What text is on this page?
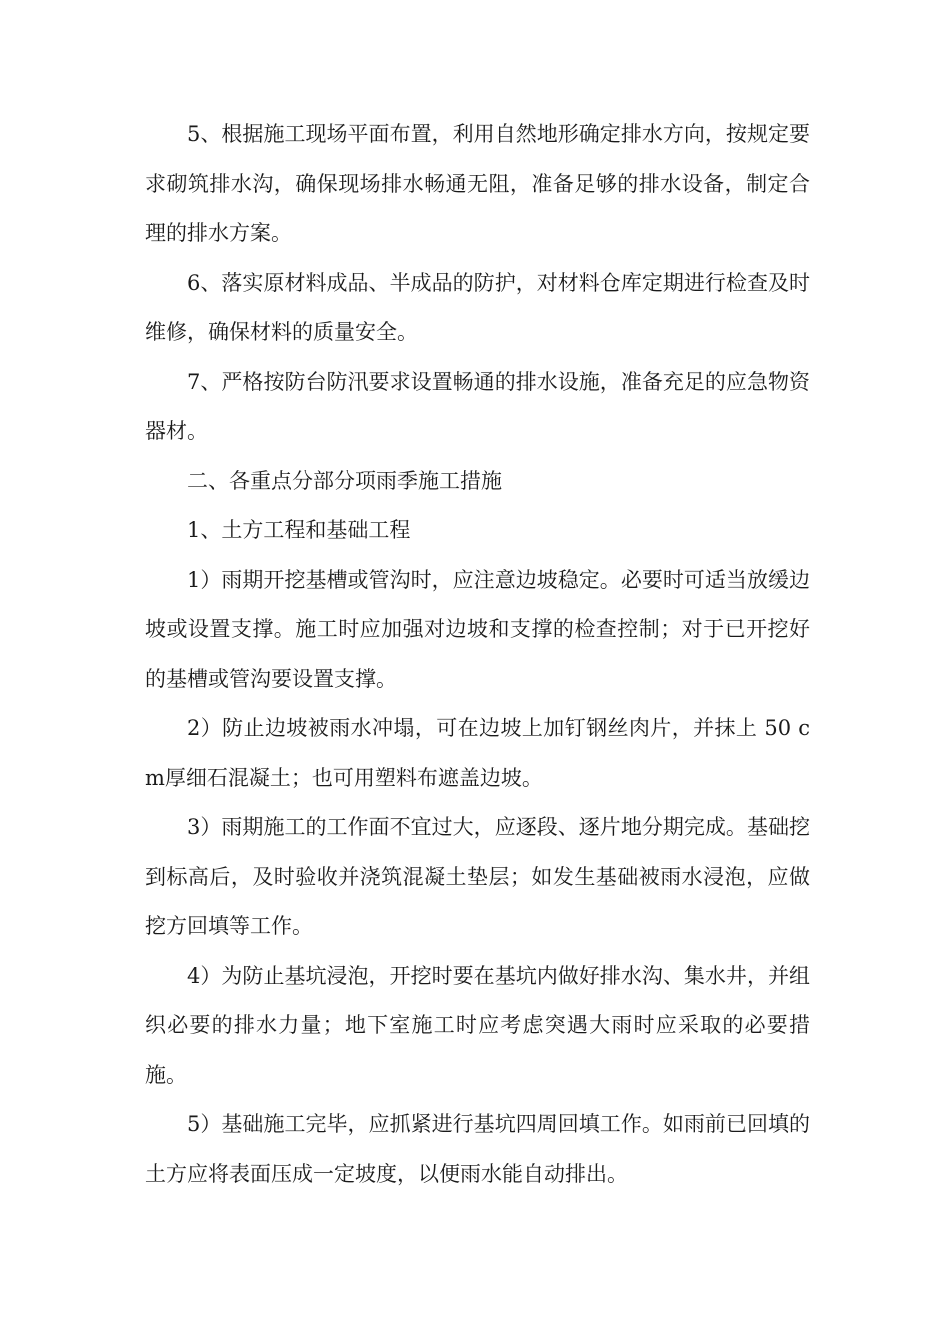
5、根据施工现场平面布置，利用自然地形确定排水方向，按规定要求砌筑排水沟，确保现场排水畅通无阻，准备足够的排水设备，制定合理的排水方案。

6、落实原材料成品、半成品的防护，对材料仓库定期进行检查及时维修，确保材料的质量安全。

7、严格按防台防汛要求设置畅通的排水设施，准备充足的应急物资器材。

二、各重点分部分项雨季施工措施

1、土方工程和基础工程

1）雨期开挖基槽或管沟时，应注意边坡稳定。必要时可适当放缓边坡或设置支撑。施工时应加强对边坡和支撑的检查控制；对于已开挖好的基槽或管沟要设置支撑。

2）防止边坡被雨水冲塌，可在边坡上加钉钢丝肉片，并抹上 50 cm厚细石混凝土；也可用塑料布遮盖边坡。

3）雨期施工的工作面不宜过大，应逐段、逐片地分期完成。基础挖到标高后，及时验收并浇筑混凝土垫层；如发生基础被雨水浸泡，应做挖方回填等工作。

4）为防止基坑浸泡，开挖时要在基坑内做好排水沟、集水井，并组织必要的排水力量；地下室施工时应考虑突遇大雨时应采取的必要措施。

5）基础施工完毕，应抓紧进行基坑四周回填工作。如雨前已回填的土方应将表面压成一定坡度，以便雨水能自动排出。
